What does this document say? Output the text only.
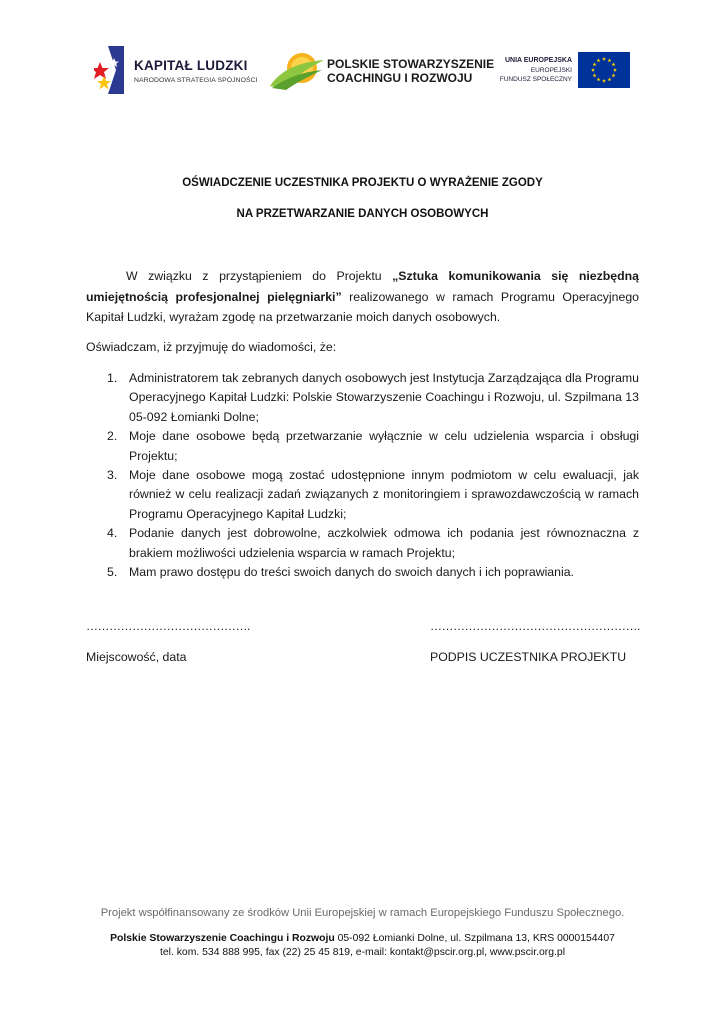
KAPITAŁ LUDZKI
NARODOWA STRATEGIA SPÓJNOŚCI
POLSKIE STOWARZYSZENIE
COACHINGU I ROZWOJU
UNIA EUROPEJSKA
EUROPEJSKI
FUNDUSZ SPOŁECZNY
OŚWIADCZENIE UCZESTNIKA PROJEKTU O WYRAŻENIE ZGODY
NA PRZETWARZANIE DANYCH OSOBOWYCH

W związku z przystąpieniem do Projektu „Sztuka komunikowania się niezbędną umiejętnością profesjonalnej pielęgniarki” realizowanego w ramach Programu Operacyjnego Kapitał Ludzki, wyrażam zgodę na przetwarzanie moich danych osobowych.

Oświadczam, iż przyjmuję do wiadomości, że:

1. Administratorem tak zebranych danych osobowych jest Instytucja Zarządzająca dla Programu Operacyjnego Kapitał Ludzki: Polskie Stowarzyszenie Coachingu i Rozwoju, ul. Szpilmana 13 05-092 Łomianki Dolne;
2. Moje dane osobowe będą przetwarzanie wyłącznie w celu udzielenia wsparcia i obsługi Projektu;
3. Moje dane osobowe mogą zostać udostępnione innym podmiotom w celu ewaluacji, jak również w celu realizacji zadań związanych z monitoringiem i sprawozdawczością w ramach Programu Operacyjnego Kapitał Ludzki;
4. Podanie danych jest dobrowolne, aczkolwiek odmowa ich podania jest równoznaczna z brakiem możliwości udzielenia wsparcia w ramach Projektu;
5. Mam prawo dostępu do treści swoich danych do swoich danych i ich poprawiania.
…………………………………….	……………………………………………….
Miejscowość, data	PODPIS UCZESTNIKA PROJEKTU
Projekt współfinansowany ze środków Unii Europejskiej w ramach Europejskiego Funduszu Społecznego.
Polskie Stowarzyszenie Coachingu i Rozwoju 05-092 Łomianki Dolne, ul. Szpilmana 13, KRS 0000154407
tel. kom. 534 888 995, fax (22) 25 45 819, e-mail: kontakt@pscir.org.pl, www.pscir.org.pl
